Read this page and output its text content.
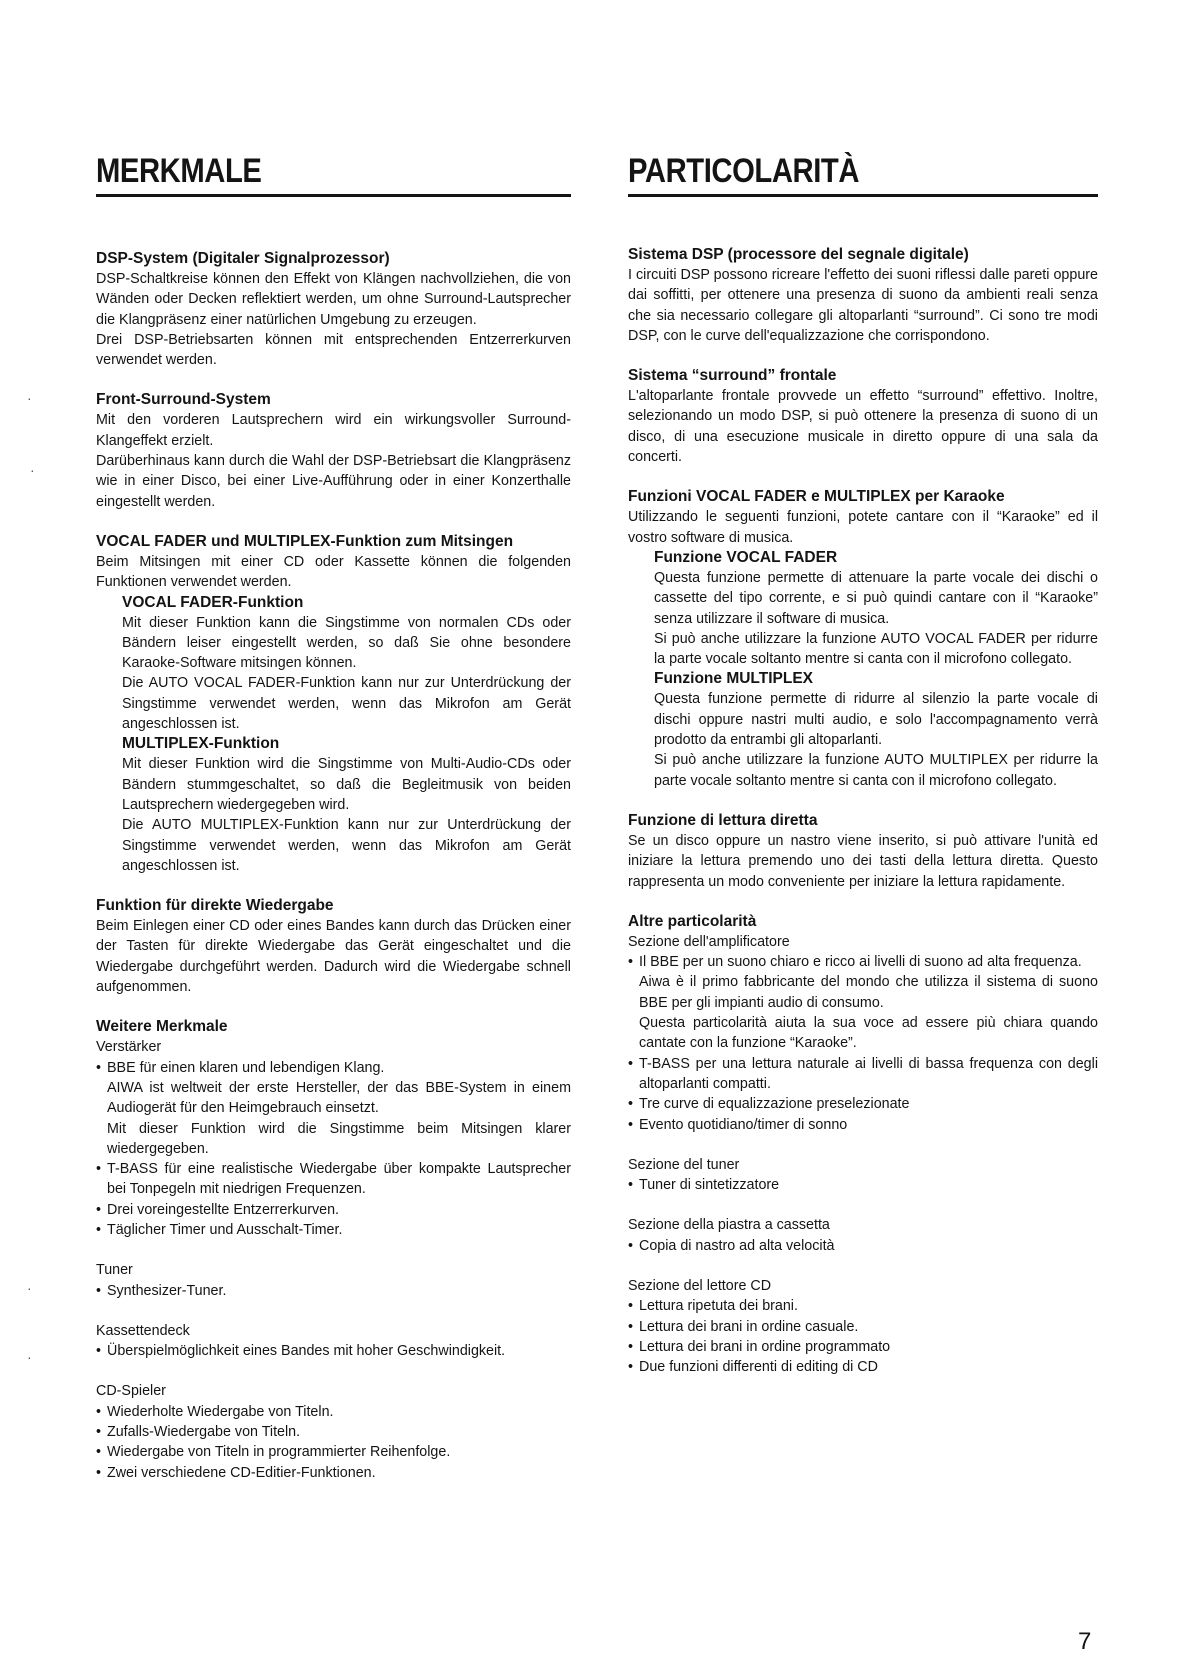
MERKMALE
DSP-System (Digitaler Signalprozessor)

DSP-Schaltkreise können den Effekt von Klängen nachvollziehen, die von Wänden oder Decken reflektiert werden, um ohne Surround-Lautsprecher die Klangpräsenz einer natürlichen Umgebung zu erzeugen.

Drei DSP-Betriebsarten können mit entsprechenden Entzerrerkurven verwendet werden.

Front-Surround-System

Mit den vorderen Lautsprechern wird ein wirkungsvoller Surround-Klangeffekt erzielt.

Darüberhinaus kann durch die Wahl der DSP-Betriebsart die Klangpräsenz wie in einer Disco, bei einer Live-Aufführung oder in einer Konzerthalle eingestellt werden.

VOCAL FADER und MULTIPLEX-Funktion zum Mitsingen

Beim Mitsingen mit einer CD oder Kassette können die folgenden Funktionen verwendet werden.

VOCAL FADER-Funktion

Mit dieser Funktion kann die Singstimme von normalen CDs oder Bändern leiser eingestellt werden, so daß Sie ohne besondere Karaoke-Software mitsingen können.

Die AUTO VOCAL FADER-Funktion kann nur zur Unterdrückung der Singstimme verwendet werden, wenn das Mikrofon am Gerät angeschlossen ist.

MULTIPLEX-Funktion

Mit dieser Funktion wird die Singstimme von Multi-Audio-CDs oder Bändern stummgeschaltet, so daß die Begleitmusik von beiden Lautsprechern wiedergegeben wird.

Die AUTO MULTIPLEX-Funktion kann nur zur Unterdrückung der Singstimme verwendet werden, wenn das Mikrofon am Gerät angeschlossen ist.

Funktion für direkte Wiedergabe

Beim Einlegen einer CD oder eines Bandes kann durch das Drücken einer der Tasten für direkte Wiedergabe das Gerät eingeschaltet und die Wiedergabe durchgeführt werden. Dadurch wird die Wiedergabe schnell aufgenommen.

Weitere Merkmale
Verstärker
• BBE für einen klaren und lebendigen Klang.

AIWA ist weltweit der erste Hersteller, der das BBE-System in einem Audiogerät für den Heimgebrauch einsetzt.

Mit dieser Funktion wird die Singstimme beim Mitsingen klarer wiedergegeben.

• T-BASS für eine realistische Wiedergabe über kompakte Lautsprecher bei Tonpegeln mit niedrigen Frequenzen.
• Drei voreingestellte Entzerrerkurven.
• Täglicher Timer und Ausschalt-Timer.
Tuner
• Synthesizer-Tuner.
Kassettendeck
• Überspielmöglichkeit eines Bandes mit hoher Geschwindigkeit.
CD-Spieler
• Wiederholte Wiedergabe von Titeln.
• Zufalls-Wiedergabe von Titeln.
• Wiedergabe von Titeln in programmierter Reihenfolge.
• Zwei verschiedene CD-Editier-Funktionen.
PARTICOLARITÀ
Sistema DSP (processore del segnale digitale)

I circuiti DSP possono ricreare l'effetto dei suoni riflessi dalle pareti oppure dai soffitti, per ottenere una presenza di suono da ambienti reali senza che sia necessario collegare gli altoparlanti “surround”. Ci sono tre modi DSP, con le curve dell'equalizzazione che corrispondono.

Sistema “surround” frontale

L'altoparlante frontale provvede un effetto “surround” effettivo. Inoltre, selezionando un modo DSP, si può ottenere la presenza di suono di un disco, di una esecuzione musicale in diretto oppure di una sala da concerti.

Funzioni VOCAL FADER e MULTIPLEX per Karaoke

Utilizzando le seguenti funzioni, potete cantare con il “Karaoke” ed il vostro software di musica.

Funzione VOCAL FADER

Questa funzione permette di attenuare la parte vocale dei dischi o cassette del tipo corrente, e si può quindi cantare con il “Karaoke” senza utilizzare il software di musica.

Si può anche utilizzare la funzione AUTO VOCAL FADER per ridurre la parte vocale soltanto mentre si canta con il microfono collegato.

Funzione MULTIPLEX

Questa funzione permette di ridurre al silenzio la parte vocale di dischi oppure nastri multi audio, e solo l'accompagnamento verrà prodotto da entrambi gli altoparlanti.

Si può anche utilizzare la funzione AUTO MULTIPLEX per ridurre la parte vocale soltanto mentre si canta con il microfono collegato.

Funzione di lettura diretta

Se un disco oppure un nastro viene inserito, si può attivare l'unità ed iniziare la lettura premendo uno dei tasti della lettura diretta. Questo rappresenta un modo conveniente per iniziare la lettura rapidamente.

Altre particolarità
Sezione dell'amplificatore
• Il BBE per un suono chiaro e ricco ai livelli di suono ad alta frequenza.

Aiwa è il primo fabbricante del mondo che utilizza il sistema di suono BBE per gli impianti audio di consumo.

Questa particolarità aiuta la sua voce ad essere più chiara quando cantate con la funzione “Karaoke”.

• T-BASS per una lettura naturale ai livelli di bassa frequenza con degli altoparlanti compatti.
• Tre curve di equalizzazione preselezionate
• Evento quotidiano/timer di sonno
Sezione del tuner
• Tuner di sintetizzatore
Sezione della piastra a cassetta
• Copia di nastro ad alta velocità
Sezione del lettore CD
• Lettura ripetuta dei brani.
• Lettura dei brani in ordine casuale.
• Lettura dei brani in ordine programmato
• Due funzioni differenti di editing di CD
·
·
·
·
7
